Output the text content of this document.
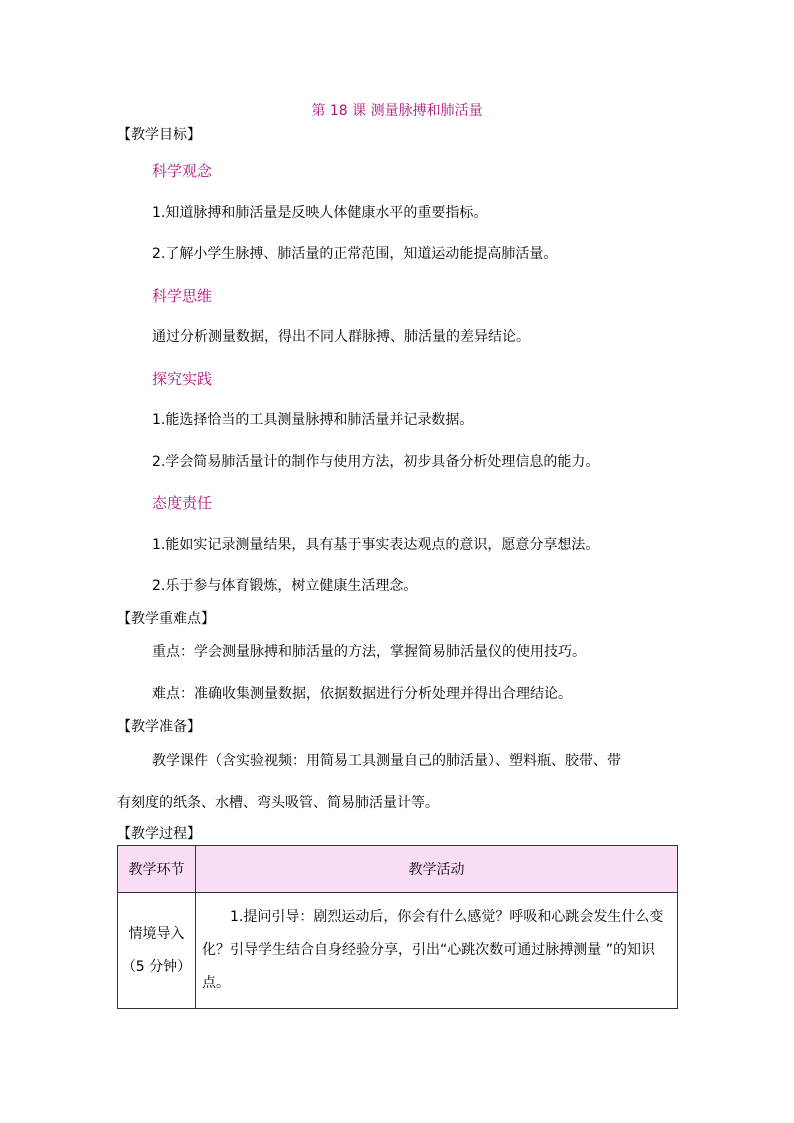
第 18 课 测量脉搏和肺活量
【教学目标】
科学观念
1.知道脉搏和肺活量是反映人体健康水平的重要指标。
2.了解小学生脉搏、肺活量的正常范围，知道运动能提高肺活量。
科学思维
通过分析测量数据，得出不同人群脉搏、肺活量的差异结论。
探究实践
1.能选择恰当的工具测量脉搏和肺活量并记录数据。
2.学会简易肺活量计的制作与使用方法，初步具备分析处理信息的能力。
态度责任
1.能如实记录测量结果，具有基于事实表达观点的意识，愿意分享想法。
2.乐于参与体育锻炼，树立健康生活理念。
【教学重难点】
重点：学会测量脉搏和肺活量的方法，掌握简易肺活量仪的使用技巧。
难点：准确收集测量数据，依据数据进行分析处理并得出合理结论。
【教学准备】
教学课件（含实验视频：用简易工具测量自己的肺活量）、塑料瓶、胶带、带
有刻度的纸条、水槽、弯头吸管、简易肺活量计等。
【教学过程】
教学环节	教学活动

情境导入
（5 分钟）	1.提问引导：剧烈运动后，你会有什么感觉？呼吸和心跳会发生什么变化？引导学生结合自身经验分享，引出“心跳次数可通过脉搏测量 ”的知识点。
